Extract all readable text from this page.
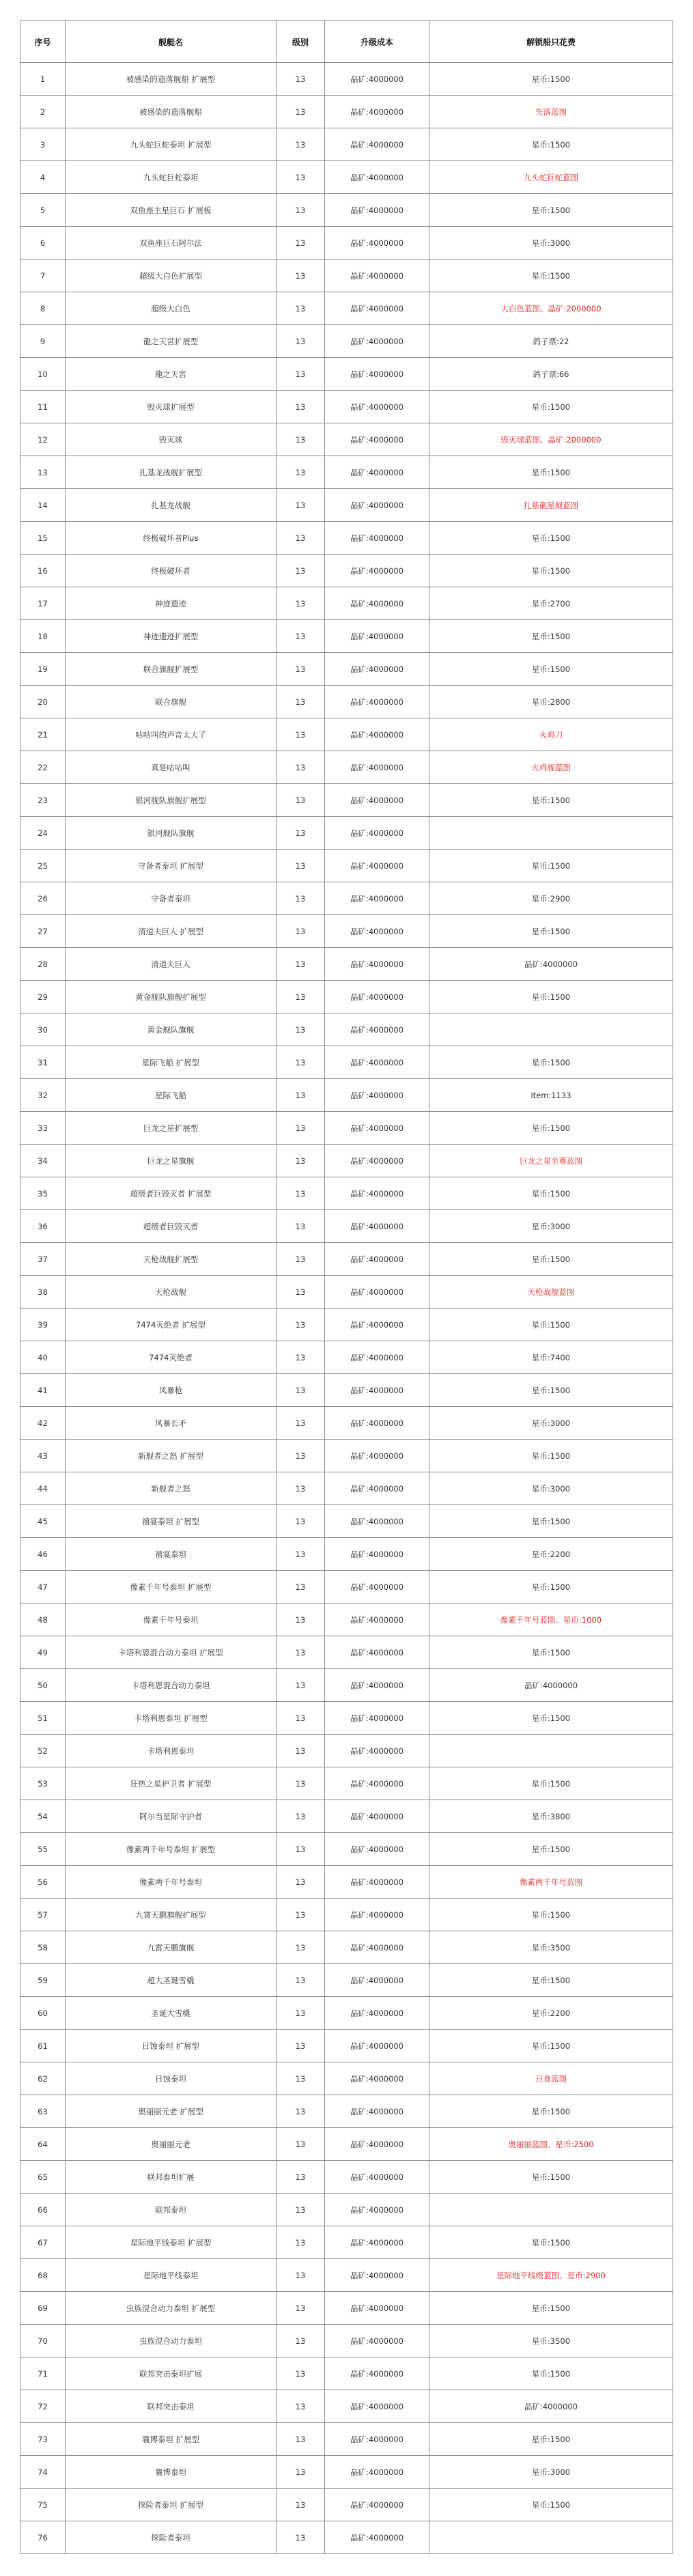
序号	舰艇名	级别	升级成本	解锁船只花费
1	被感染的遗落舰船 扩展型	13	晶矿:4000000	星币:1500
2	被感染的遗落舰船	13	晶矿:4000000	失落蓝图
3	九头蛇巨蛇泰坦 扩展型	13	晶矿:4000000	星币:1500
4	九头蛇巨蛇泰坦	13	晶矿:4000000	九头蛇巨蛇蓝图
5	双鱼座主星巨石 扩展板	13	晶矿:4000000	星币:1500
6	双鱼座巨石阿尔法	13	晶矿:4000000	星币:3000
7	超级大白色扩展型	13	晶矿:4000000	星币:1500
8	超级大白色	13	晶矿:4000000	大白色蓝图、晶矿:2000000
9	龍之天宮扩展型	13	晶矿:4000000	鸽子票:22
10	龍之天宮	13	晶矿:4000000	鸽子票:66
11	毁灭球扩展型	13	晶矿:4000000	星币:1500
12	毁灭球	13	晶矿:4000000	毁灭球蓝图、晶矿:2000000
13	扎基龙战舰扩展型	13	晶矿:4000000	星币:1500
14	扎基龙战舰	13	晶矿:4000000	扎基龍星舰蓝图
15	终极破坏者Plus	13	晶矿:4000000	星币:1500
16	终极破坏者	13	晶矿:4000000	星币:1500
17	神迹遗迹	13	晶矿:4000000	星币:2700
18	神迹遗迹扩展型	13	晶矿:4000000	星币:1500
19	联合旗舰扩展型	13	晶矿:4000000	星币:1500
20	联合旗舰	13	晶矿:4000000	星币:2800
21	咕咕叫的声音太大了	13	晶矿:4000000	火鸡刀
22	真是咕咕叫	13	晶矿:4000000	火鸡舰蓝图
23	银河舰队旗舰扩展型	13	晶矿:4000000	星币:1500
24	银河舰队旗舰	13	晶矿:4000000	
25	守备者泰坦 扩展型	13	晶矿:4000000	星币:1500
26	守备者泰坦	13	晶矿:4000000	星币:2900
27	清道夫巨人 扩展型	13	晶矿:4000000	星币:1500
28	清道夫巨人	13	晶矿:4000000	晶矿:4000000
29	黄金舰队旗舰扩展型	13	晶矿:4000000	星币:1500
30	黄金舰队旗舰	13	晶矿:4000000	
31	星际飞船 扩展型	13	晶矿:4000000	星币:1500
32	星际飞船	13	晶矿:4000000	item:1133
33	巨龙之星扩展型	13	晶矿:4000000	星币:1500
34	巨龙之星旗舰	13	晶矿:4000000	巨龙之星至尊蓝图
35	超级者巨毁灭者 扩展型	13	晶矿:4000000	星币:1500
36	超级者巨毁灭者	13	晶矿:4000000	星币:3000
37	天枪战舰扩展型	13	晶矿:4000000	星币:1500
38	天枪战舰	13	晶矿:4000000	天枪战舰蓝图
39	7474灭绝者 扩展型	13	晶矿:4000000	星币:1500
40	7474灭绝者	13	晶矿:4000000	星币:7400
41	风暴枪	13	晶矿:4000000	星币:1500
42	风暴长矛	13	晶矿:4000000	星币:3000
43	新舰者之怒 扩展型	13	晶矿:4000000	星币:1500
44	新舰者之怒	13	晶矿:4000000	星币:3000
45	禧宴泰坦 扩展型	13	晶矿:4000000	星币:1500
46	禧宴泰坦	13	晶矿:4000000	星币:2200
47	像素千年号泰坦 扩展型	13	晶矿:4000000	星币:1500
48	像素千年号泰坦	13	晶矿:4000000	像素千年号蓝图、星币:1000
49	卡塔利恩混合动力泰坦 扩展型	13	晶矿:4000000	星币:1500
50	卡塔利恩混合动力泰坦	13	晶矿:4000000	晶矿:4000000
51	卡塔利恩泰坦 扩展型	13	晶矿:4000000	星币:1500
52	卡塔利恩泰坦	13	晶矿:4000000	
53	狂热之星护卫者 扩展型	13	晶矿:4000000	星币:1500
54	阿尔当星际守护者	13	晶矿:4000000	星币:3800
55	像素两千年号泰坦 扩展型	13	晶矿:4000000	星币:1500
56	像素两千年号泰坦	13	晶矿:4000000	像素两千年号蓝图
57	九霄天鹏旗舰扩展型	13	晶矿:4000000	星币:1500
58	九霄天鹏旗舰	13	晶矿:4000000	星币:3500
59	超大圣诞雪橇	13	晶矿:4000000	星币:1500
60	圣诞大雪橇	13	晶矿:4000000	星币:2200
61	日蚀泰坦 扩展型	13	晶矿:4000000	星币:1500
62	日蚀泰坦	13	晶矿:4000000	日食蓝图
63	奥丽丽元老 扩展型	13	晶矿:4000000	星币:1500
64	奥丽丽元老	13	晶矿:4000000	奥丽丽蓝图、星币:2500
65	联邦泰坦扩展	13	晶矿:4000000	星币:1500
66	联邦泰坦	13	晶矿:4000000	
67	星际地平线泰坦 扩展型	13	晶矿:4000000	星币:1500
68	星际地平线泰坦	13	晶矿:4000000	星际地平线级蓝图、星币:2900
69	虫族混合动力泰坦 扩展型	13	晶矿:4000000	星币:1500
70	虫族混合动力泰坦	13	晶矿:4000000	星币:3500
71	联邦突击泰坦扩展	13	晶矿:4000000	星币:1500
72	联邦突击泰坦	13	晶矿:4000000	晶矿:4000000
73	襄博泰坦 扩展型	13	晶矿:4000000	星币:1500
74	襄博泰坦	13	晶矿:4000000	星币:3000
75	探险者泰坦 扩展型	13	晶矿:4000000	星币:1500
76	探险者泰坦	13	晶矿:4000000	
